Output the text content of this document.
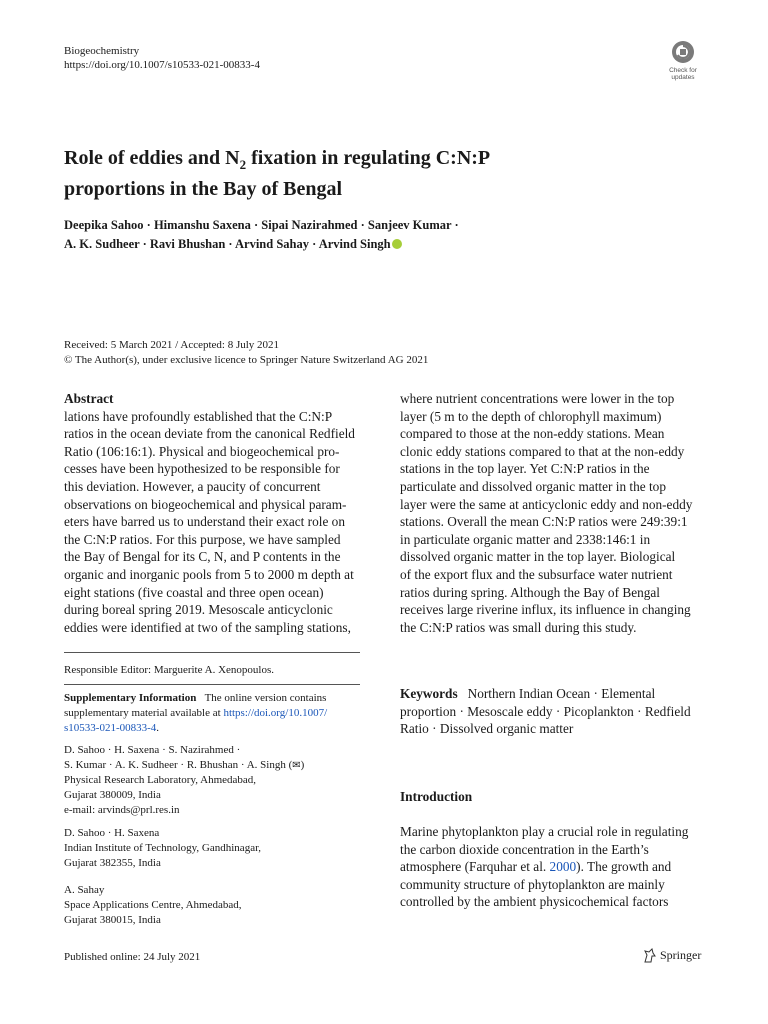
Biogeochemistry
https://doi.org/10.1007/s10533-021-00833-4	Check for
updates
Role of eddies and $N_2$ fixation in regulating C:N:P
proportions in the Bay of Bengal
Deepika Sahoo · Himanshu Saxena · Sipai Nazirahmed · Sanjeev Kumar ·
A. K. Sudheer · Ravi Bhushan · Arvind Sahay · Arvind Singh
Received: 5 March 2021 / Accepted: 8 July 2021
© The Author(s), under exclusive licence to Springer Nature Switzerland AG 2021
Abstract
lations have profoundly established that the C:N:P
ratios in the ocean deviate from the canonical Redfield
Ratio (106:16:1). Physical and biogeochemical pro-
cesses have been hypothesized to be responsible for
this deviation. However, a paucity of concurrent
observations on biogeochemical and physical param-
eters have barred us to understand their exact role on
the C:N:P ratios. For this purpose, we have sampled
the Bay of Bengal for its C, N, and P contents in the
organic and inorganic pools from 5 to 2000 m depth at
eight stations (five coastal and three open ocean)
during boreal spring 2019. Mesoscale anticyclonic
eddies were identified at two of the sampling stations,
Responsible Editor: Marguerite A. Xenopoulos.
Supplementary Information The online version contains
supplementary material available at https://doi.org/10.1007/
s10533-021-00833-4.
D. Sahoo · H. Saxena · S. Nazirahmed ·
S. Kumar · A. K. Sudheer · R. Bhushan · A. Singh (✉)
Physical Research Laboratory, Ahmedabad,
Gujarat 380009, India
e-mail: arvinds@prl.res.in
D. Sahoo · H. Saxena
Indian Institute of Technology, Gandhinagar,
Gujarat 382355, India
A. Sahay
Space Applications Centre, Ahmedabad,
Gujarat 380015, India
where nutrient concentrations were lower in the top
layer (5 m to the depth of chlorophyll maximum)
compared to those at the non-eddy stations. Mean
clonic eddy stations compared to that at the non-eddy
stations in the top layer. Yet C:N:P ratios in the
particulate and dissolved organic matter in the top
layer were the same at anticyclonic eddy and non-eddy
stations. Overall the mean C:N:P ratios were 249:39:1
in particulate organic matter and 2338:146:1 in
dissolved organic matter in the top layer. Biological
of the export flux and the subsurface water nutrient
ratios during spring. Although the Bay of Bengal
receives large riverine influx, its influence in changing
the C:N:P ratios was small during this study.
Keywords Northern Indian Ocean · Elemental
proportion · Mesoscale eddy · Picoplankton · Redfield
Ratio · Dissolved organic matter
Introduction
Marine phytoplankton play a crucial role in regulating
the carbon dioxide concentration in the Earth’s
atmosphere (Farquhar et al. 2000). The growth and
community structure of phytoplankton are mainly
controlled by the ambient physicochemical factors
Published online: 24 July 2021	Springer
